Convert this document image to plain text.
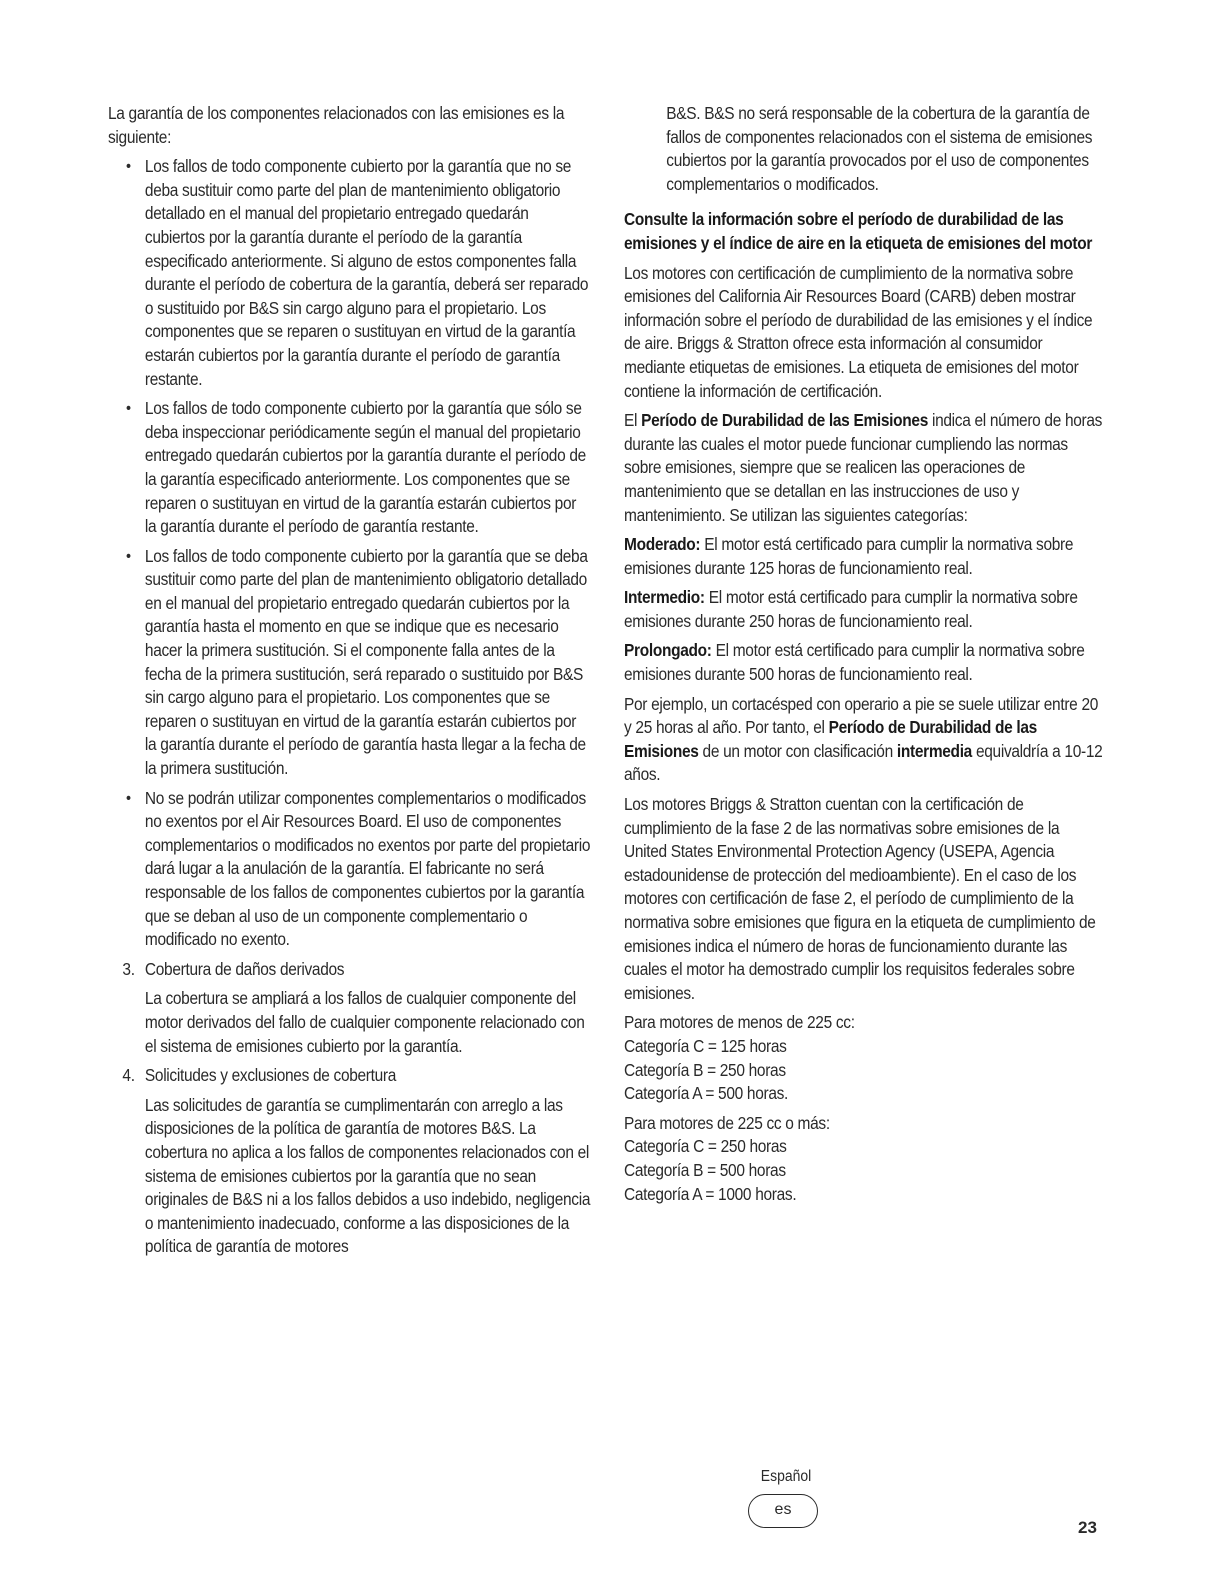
La garantía de los componentes relacionados con las emisiones es la siguiente:

• Los fallos de todo componente cubierto por la garantía que no se deba sustituir como parte del plan de mantenimiento obligatorio detallado en el manual del propietario entregado quedarán cubiertos por la garantía durante el período de la garantía especificado anteriormente. Si alguno de estos componentes falla durante el período de cobertura de la garantía, deberá ser reparado o sustituido por B&S sin cargo alguno para el propietario. Los componentes que se reparen o sustituyan en virtud de la garantía estarán cubiertos por la garantía durante el período de garantía restante.
• Los fallos de todo componente cubierto por la garantía que sólo se deba inspeccionar periódicamente según el manual del propietario entregado quedarán cubiertos por la garantía durante el período de la garantía especificado anteriormente. Los componentes que se reparen o sustituyan en virtud de la garantía estarán cubiertos por la garantía durante el período de garantía restante.
• Los fallos de todo componente cubierto por la garantía que se deba sustituir como parte del plan de mantenimiento obligatorio detallado en el manual del propietario entregado quedarán cubiertos por la garantía hasta el momento en que se indique que es necesario hacer la primera sustitución. Si el componente falla antes de la fecha de la primera sustitución, será reparado o sustituido por B&S sin cargo alguno para el propietario. Los componentes que se reparen o sustituyan en virtud de la garantía estarán cubiertos por la garantía durante el período de garantía hasta llegar a la fecha de la primera sustitución.
• No se podrán utilizar componentes complementarios o modificados no exentos por el Air Resources Board. El uso de componentes complementarios o modificados no exentos por parte del propietario dará lugar a la anulación de la garantía. El fabricante no será responsable de los fallos de componentes cubiertos por la garantía que se deban al uso de un componente complementario o modificado no exento.
3. Cobertura de daños derivados

La cobertura se ampliará a los fallos de cualquier componente del motor derivados del fallo de cualquier componente relacionado con el sistema de emisiones cubierto por la garantía.

4. Solicitudes y exclusiones de cobertura

Las solicitudes de garantía se cumplimentarán con arreglo a las disposiciones de la política de garantía de motores B&S. La cobertura no aplica a los fallos de componentes relacionados con el sistema de emisiones cubiertos por la garantía que no sean originales de B&S ni a los fallos debidos a uso indebido, negligencia o mantenimiento inadecuado, conforme a las disposiciones de la política de garantía de motores

B&S. B&S no será responsable de la cobertura de la garantía de fallos de componentes relacionados con el sistema de emisiones cubiertos por la garantía provocados por el uso de componentes complementarios o modificados.

Consulte la información sobre el período de durabilidad de las emisiones y el índice de aire en la etiqueta de emisiones del motor

Los motores con certificación de cumplimiento de la normativa sobre emisiones del California Air Resources Board (CARB) deben mostrar información sobre el período de durabilidad de las emisiones y el índice de aire. Briggs & Stratton ofrece esta información al consumidor mediante etiquetas de emisiones. La etiqueta de emisiones del motor contiene la información de certificación.

El Período de Durabilidad de las Emisiones indica el número de horas durante las cuales el motor puede funcionar cumpliendo las normas sobre emisiones, siempre que se realicen las operaciones de mantenimiento que se detallan en las instrucciones de uso y mantenimiento. Se utilizan las siguientes categorías:

Moderado: El motor está certificado para cumplir la normativa sobre emisiones durante 125 horas de funcionamiento real.

Intermedio: El motor está certificado para cumplir la normativa sobre emisiones durante 250 horas de funcionamiento real.

Prolongado: El motor está certificado para cumplir la normativa sobre emisiones durante 500 horas de funcionamiento real.

Por ejemplo, un cortacésped con operario a pie se suele utilizar entre 20 y 25 horas al año. Por tanto, el Período de Durabilidad de las Emisiones de un motor con clasificación intermedia equivaldría a 10-12 años.

Los motores Briggs & Stratton cuentan con la certificación de cumplimiento de la fase 2 de las normativas sobre emisiones de la United States Environmental Protection Agency (USEPA, Agencia estadounidense de protección del medioambiente). En el caso de los motores con certificación de fase 2, el período de cumplimiento de la normativa sobre emisiones que figura en la etiqueta de cumplimiento de emisiones indica el número de horas de funcionamiento durante las cuales el motor ha demostrado cumplir los requisitos federales sobre emisiones.

Para motores de menos de 225 cc:
Categoría C = 125 horas
Categoría B = 250 horas
Categoría A = 500 horas.

Para motores de 225 cc o más:
Categoría C = 250 horas
Categoría B = 500 horas
Categoría A = 1000 horas.

Español
es
23
